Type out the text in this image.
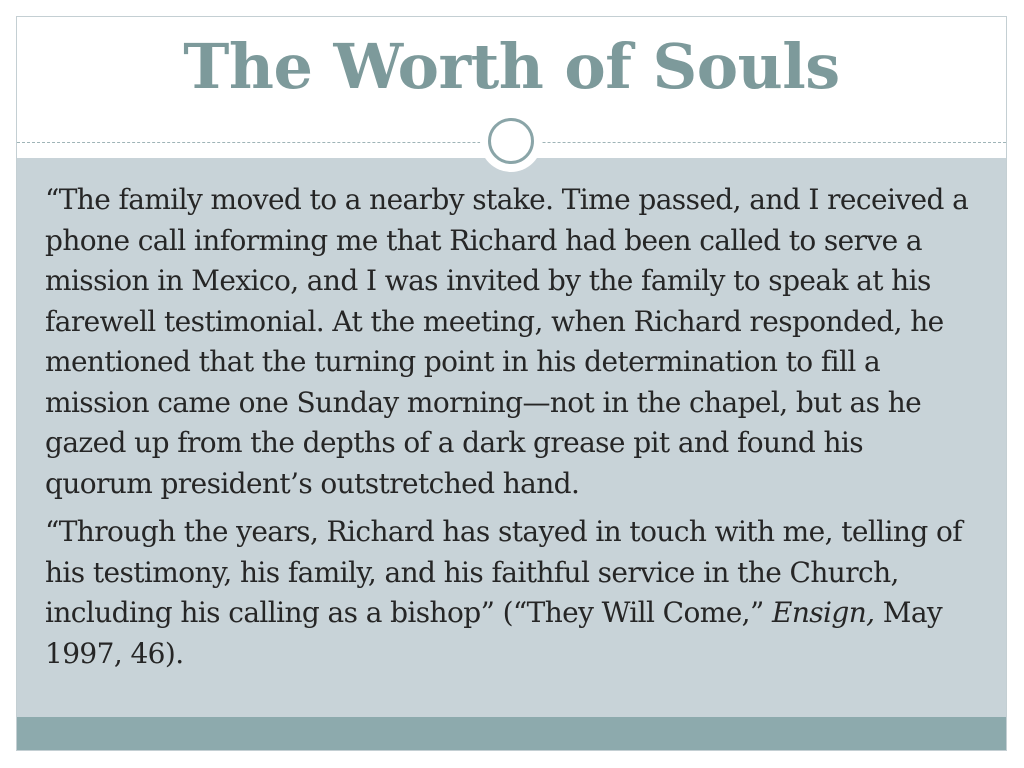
The Worth of Souls

“The family moved to a nearby stake. Time passed, and I received a phone call informing me that Richard had been called to serve a mission in Mexico, and I was invited by the family to speak at his farewell testimonial. At the meeting, when Richard responded, he mentioned that the turning point in his determination to fill a mission came one Sunday morning—not in the chapel, but as he gazed up from the depths of a dark grease pit and found his quorum president’s outstretched hand.

“Through the years, Richard has stayed in touch with me, telling of his testimony, his family, and his faithful service in the Church, including his calling as a bishop” (“They Will Come,” Ensign, May 1997, 46).
